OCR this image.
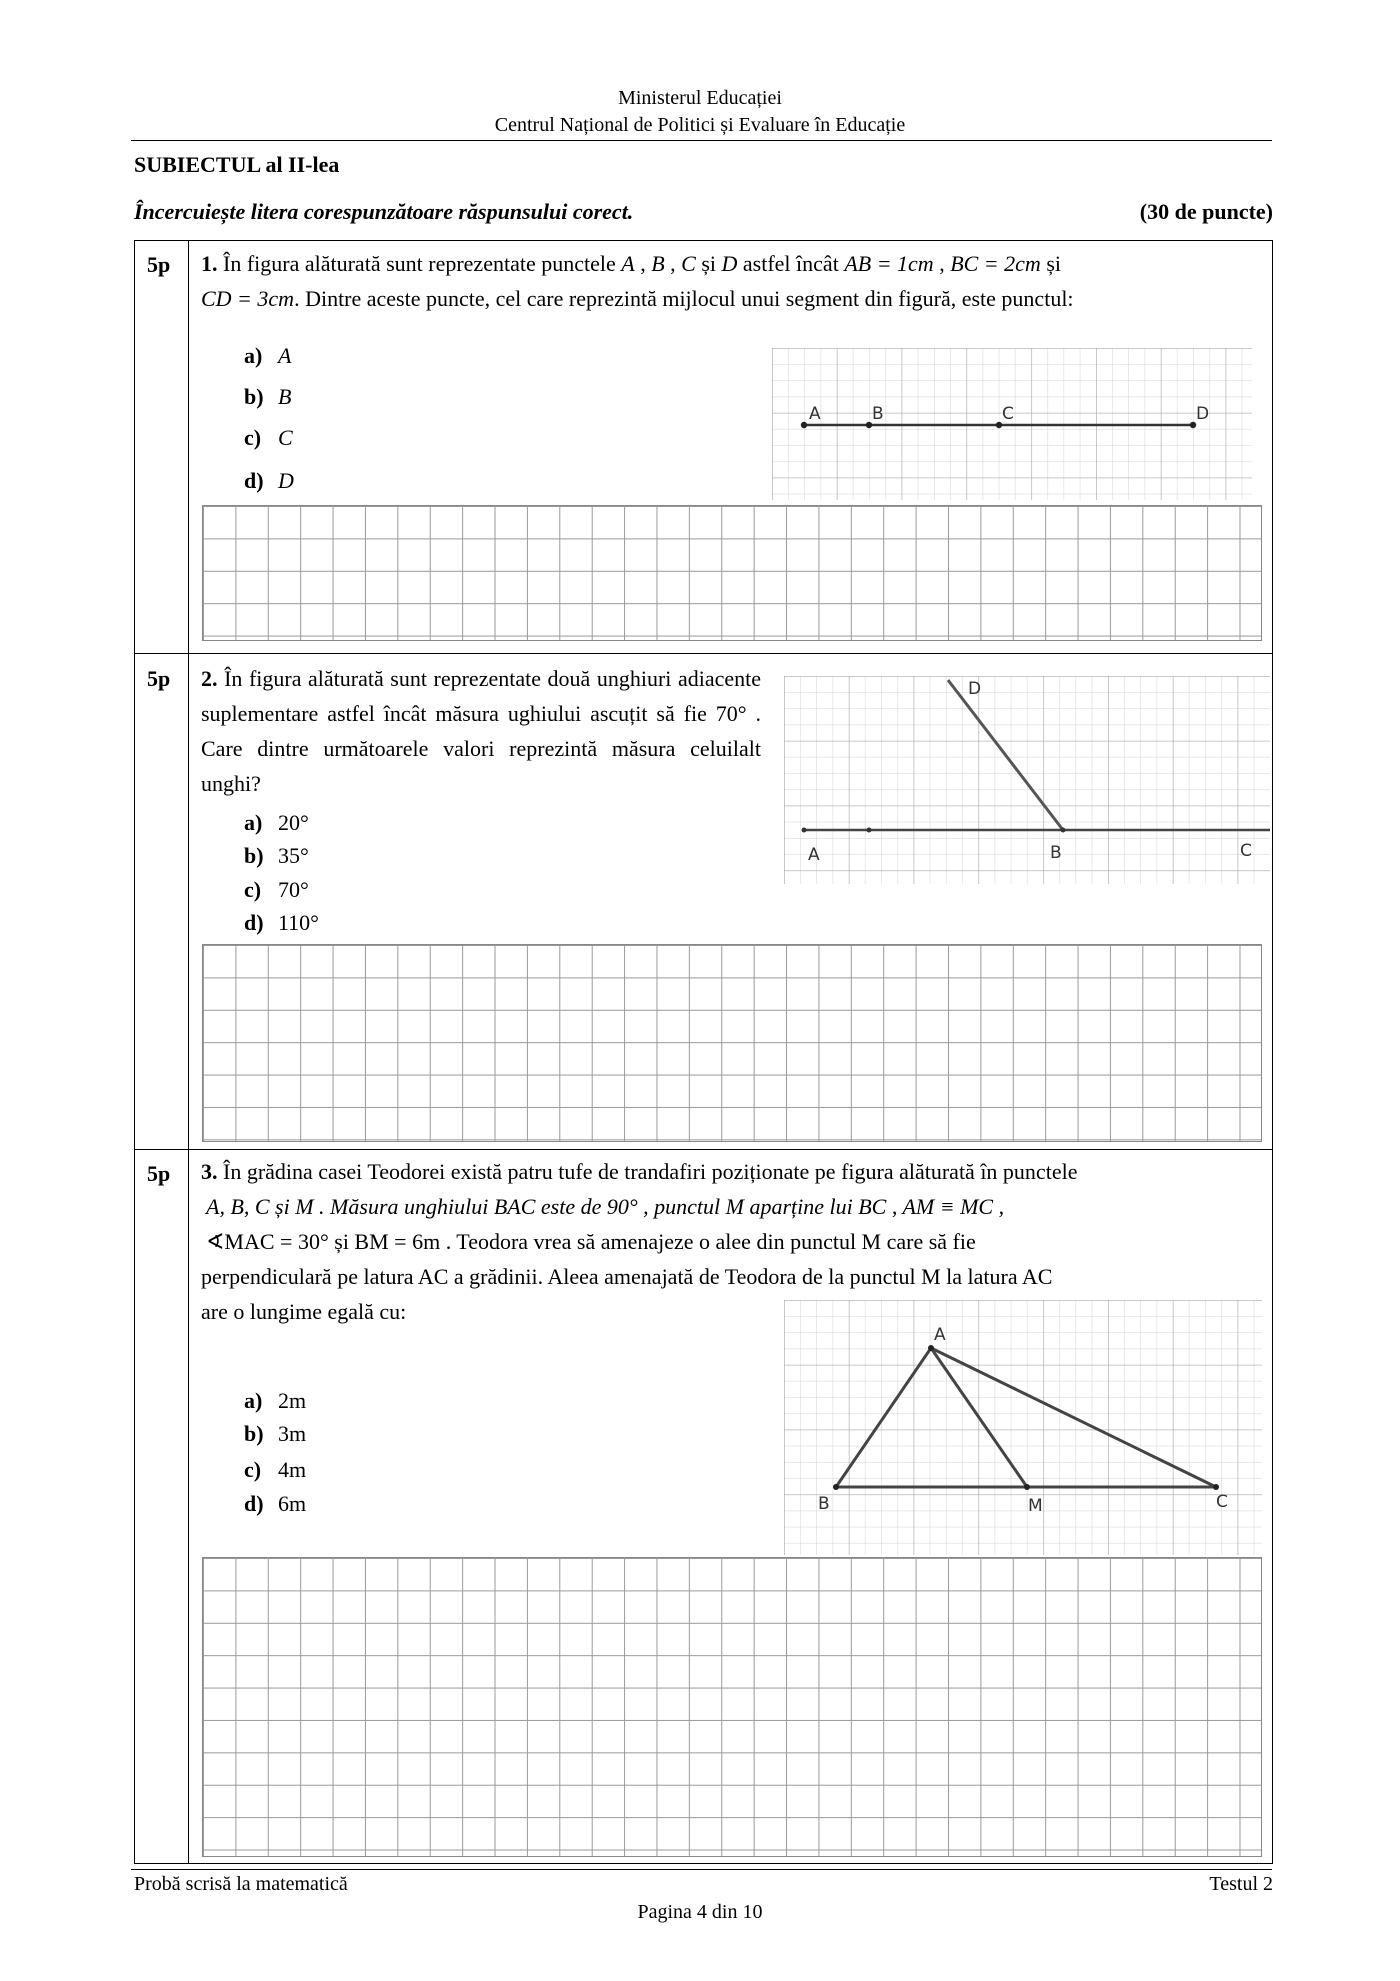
Ministerul Educației
Centrul Național de Politici și Evaluare în Educație
SUBIECTUL al II-lea
Încercuiește litera corespunzătoare răspunsului corect.	(30 de puncte)
5p 1. În figura alăturată sunt reprezentate punctele A , B , C și D astfel încât AB = 1cm , BC = 2cm și
CD = 3cm. Dintre aceste puncte, cel care reprezintă mijlocul unui segment din figură, este punctul:
a) A
b) B
c) C
d) D
A	B	C	D
5p 2. În figura alăturată sunt reprezentate două unghiuri adiacente suplementare astfel încât măsura ughiului ascuțit să fie 70° . Care dintre următoarele valori reprezintă măsura celuilalt unghi?
a) 20°
b) 35°
c) 70°
d) 110°
D
A	B	C
5p 3. În grădina casei Teodorei există patru tufe de trandafiri poziționate pe figura alăturată în punctele
A, B, C și M . Măsura unghiului BAC este de 90° , punctul M aparține lui BC , AM ≡ MC ,
∢MAC = 30° și BM = 6m . Teodora vrea să amenajeze o alee din punctul M care să fie
perpendiculară pe latura AC a grădinii. Aleea amenajată de Teodora de la punctul M la latura AC
are o lungime egală cu:
a) 2m
b) 3m
c) 4m
d) 6m
A
B	M	C
Probă scrisă la matematică	Testul 2
Pagina 4 din 10
